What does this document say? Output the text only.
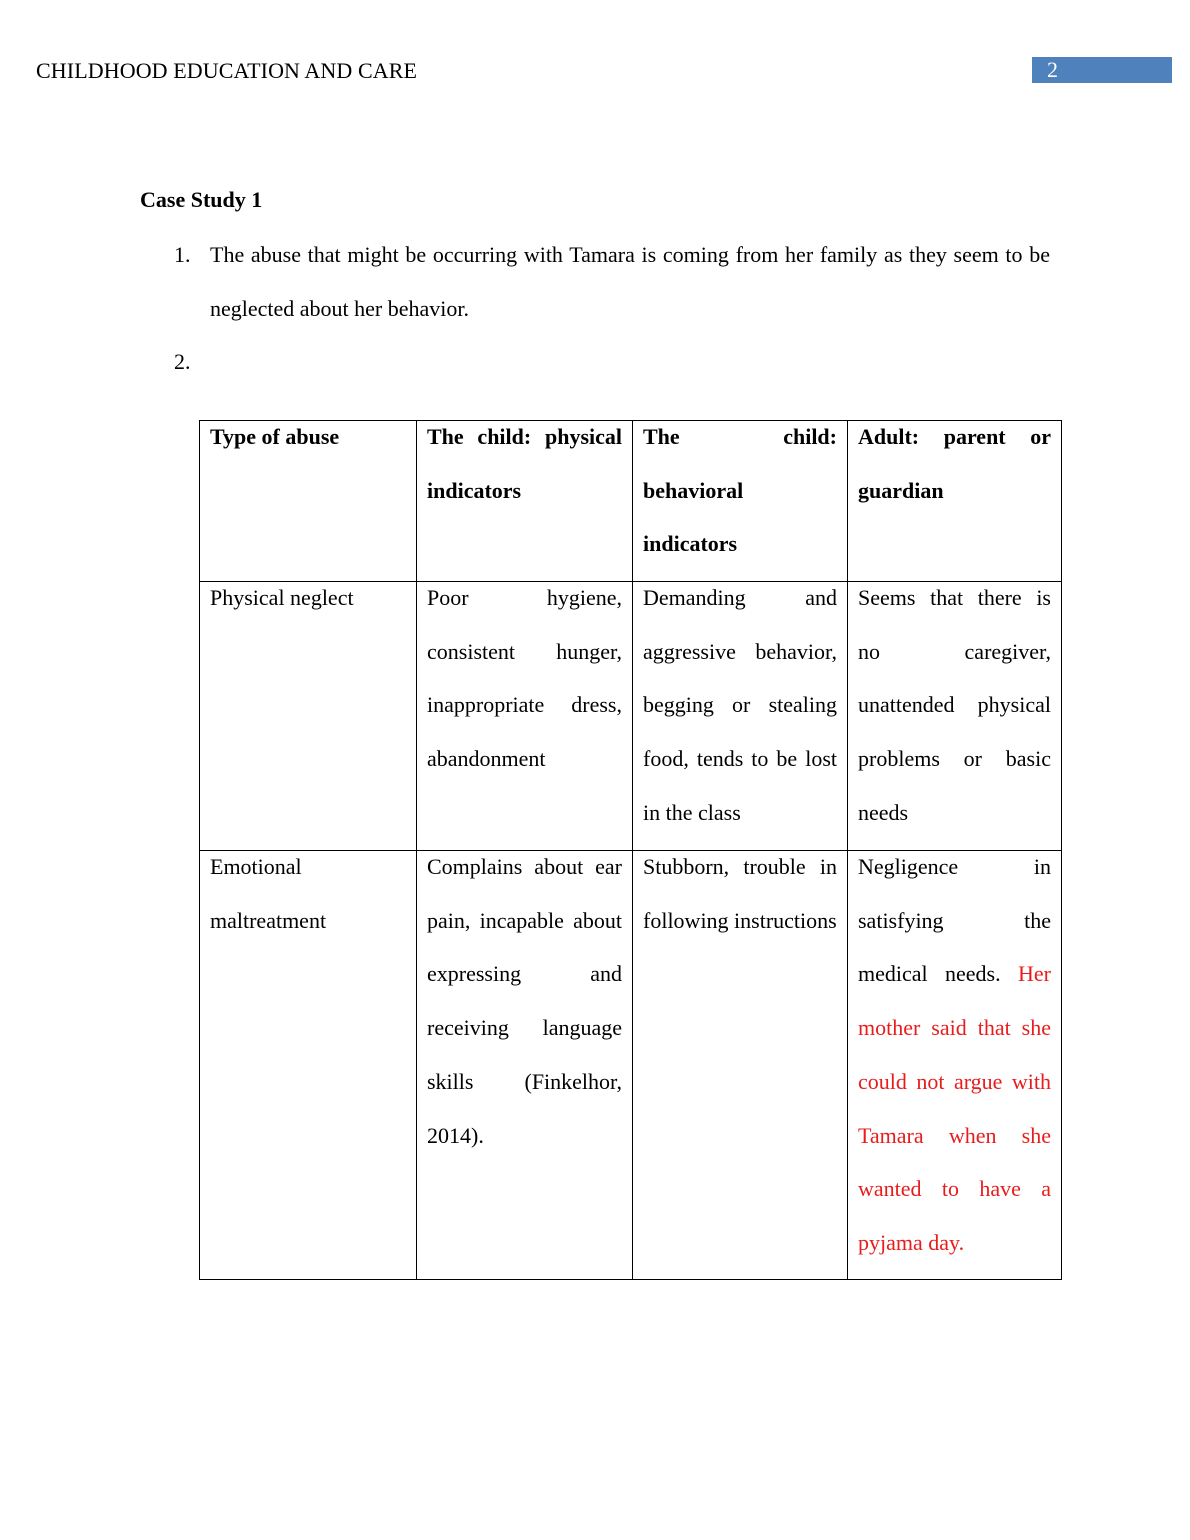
CHILDHOOD EDUCATION AND CARE	2
Case Study 1
1. The abuse that might be occurring with Tamara is coming from her family as they seem to be neglected about her behavior.
2.
Type of abuse	The child: physical indicators	The child: behavioral indicators	Adult: parent or guardian

Physical neglect	Poor hygiene, consistent hunger, inappropriate dress, abandonment	Demanding and aggressive behavior, begging or stealing food, tends to be lost in the class	Seems that there is no caregiver, unattended physical problems or basic needs

Emotional maltreatment	Complains about ear pain, incapable about expressing and receiving language skills (Finkelhor, 2014).	Stubborn, trouble in following instructions	Negligence in satisfying the medical needs. Her mother said that she could not argue with Tamara when she wanted to have a pyjama day.
